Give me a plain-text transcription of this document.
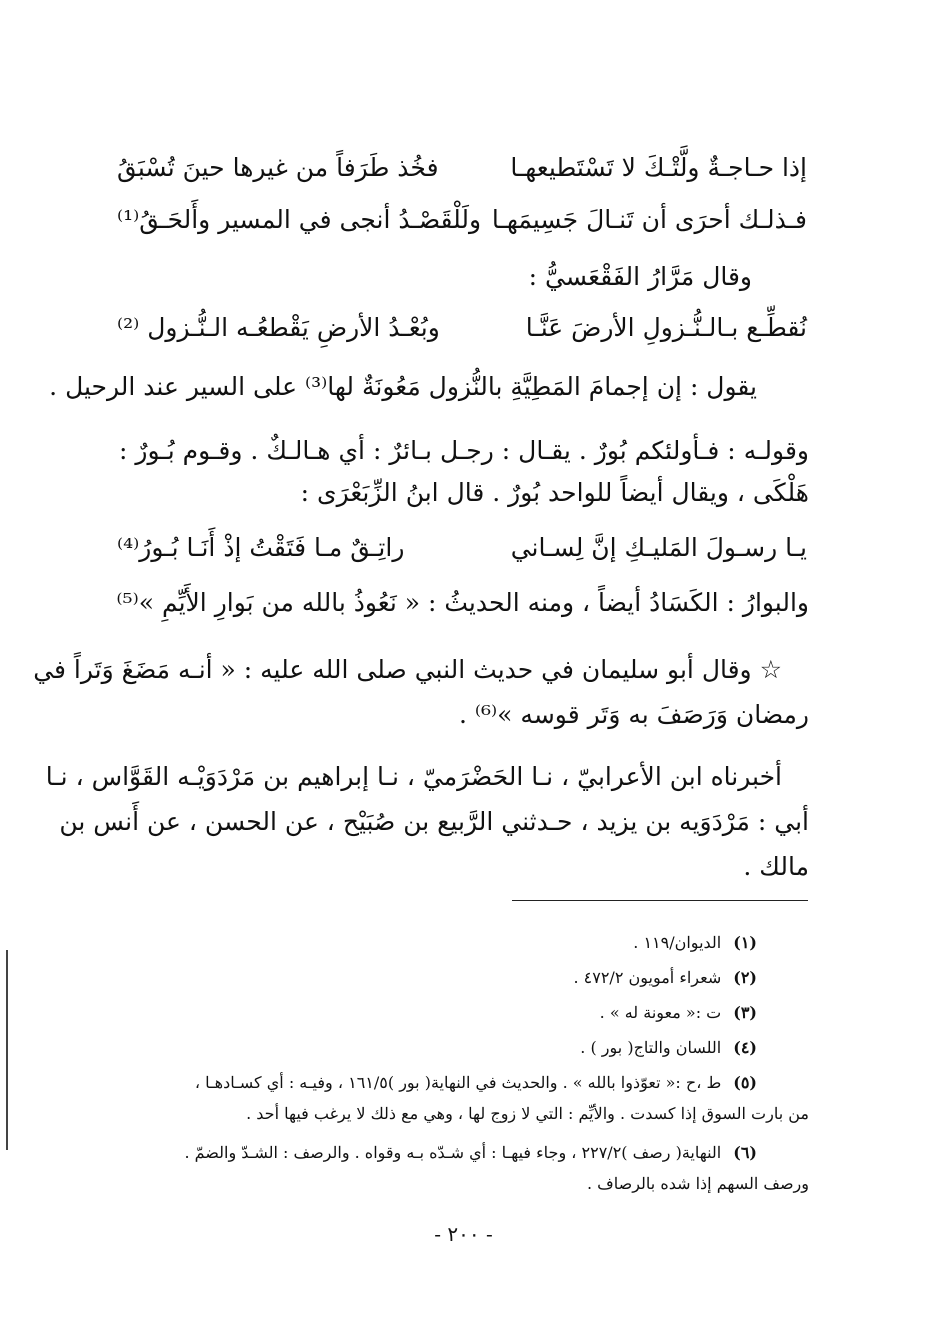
إذا حـاجـةٌ ولَّتْـكَ لا تَسْتَطيعهـا
فخُذ طَرَفاً من غيرها حينَ تُسْبَقُ
فـذلـك أحرَى أن تَنـالَ جَسِيمَهـا
ولَلْقَصْـدُ أنجى في المسير وأَلحَـقُ⁽¹⁾
وقال مَرَّارُ الفَقْعَسيُّ :
نُقطِّـع بـالـنُّـزولِ الأرضَ عَنَّـا
وبُعْـدُ الأرضِ يَقْطعُـه الـنُّـزول ⁽²⁾
يقول : إن إجمامَ المَطِيَّةِ بالنُّزول مَعُونَةٌ لها⁽³⁾ على السير عند الرحيل .
وقولـه : فـأولئكم بُورٌ . يقـال : رجـل بـائرٌ : أي هـالـكٌ . وقـوم بُـورٌ :
هَلْكَى ، ويقال أيضاً للواحد بُورٌ . قال ابنُ الزِّبَعْرَى :
يـا رسـولَ المَليـكِ إنَّ لِسـاني
راتِـقٌ مـا فَتَقْتُ إذْ أَنَـا بُـورُ⁽⁴⁾
والبوارُ : الكَسَادُ أيضاً ، ومنه الحديثُ : « نَعُوذُ بالله من بَوارِ الأَيِّمِ »⁽⁵⁾
☆ وقال أبو سليمان في حديث النبي صلى الله عليه : « أنـه مَضَغَ وَتَراً في
رمضان وَرَصَفَ به وَتَر قوسه »⁽⁶⁾ .
أخبرناه ابن الأعرابيّ ، نـا الحَضْرَميّ ، نـا إبراهيم بن مَرْدَوَيْـه القَوَّاس ، نـا
أبي : مَرْدَوَيه بن يزيد ، حـدثني الرَّبيع بن صُبَيْح ، عن الحسن ، عن أَنس بن
مالك .
(١)الديوان/١١٩ .
(٢)شعراء أمويون ٤٧٢/٢ .
(٣)ت :« معونة له » .
(٤)اللسان والتاج( بور ) .
(٥)ط ،ح :« تعوّذوا بالله » . والحديث في النهاية( بور )١٦١/٥ ، وفيـه : أي كسـادهـا ،
من بارت السوق إذا كسدت . والأيِّم : التي لا زوج لها ، وهي مع ذلك لا يرغب فيها أحد .
(٦)النهاية( رصف )٢٢٧/٢ ، وجاء فيهـا : أي شـدّه بـه وقواه . والرصف : الشـدّ والضمّ .
ورصف السهم إذا شده بالرصاف .
- ٢٠٠ -
